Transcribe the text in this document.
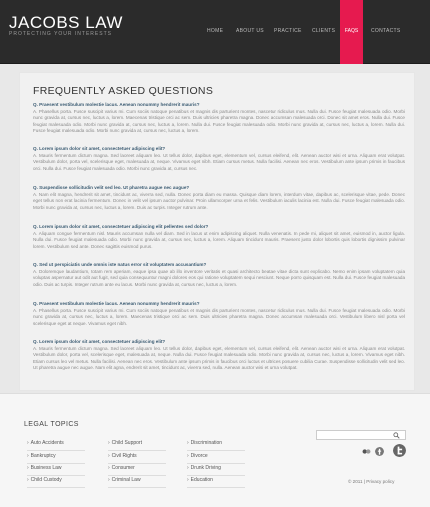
JACOBS LAW
PROTECTING YOUR INTERESTS	FAQS
HOME	ABOUT US PRACTICE CLIENTS	CONTACTS
FREQUENTLY ASKED QUESTIONS
Q. Praesent vestibulum molestie lacus. Aenean nonummy hendrerit mauris?
A. Phasellus porta. Fusce suscipit varius mi. Cum sociis natoque penatibus et magnis dis parturient montes, nascetur ridiculus mus. Nulla dui. Fusce feugiat malesuada odio. Morbi nunc gravida at, cursus nec, luctus a, lorem. Maecenas tristique orci ac sem. Duis ultricies pharetra magna. Donec accumsan malesuada orci. Donec sit amet eros. Nulla dui. Fusce feugiat malesuada odio. Morbi nunc gravida at, cursus nec, luctus a, lorem. Nulla dui. Fusce feugiat malesuada odio. Morbi nunc gravida at, cursus nec, luctus a, lorem. Nulla dui. Fusce feugiat malesuada odio. Morbi nunc gravida at, cursus nec, luctus a, lorem.
Q. Lorem ipsum dolor sit amet, consectetuer adipiscing elit?
A. Mauris fermentum dictum magna. Sed laoreet aliquam leo. Ut tellus dolor, dapibus eget, elementum vel, cursus eleifend, elit. Aenean auctor wisi et urna. Aliquam erat volutpat. Vestibulum dolor, porta vel, scelerisque eget, malesuada at, neque. Vivamus eget nibh. Etiam cursus metus. Nulla facilisi. Aenean nec eros. Vestibulum ante ipsum primis in faucibus orci. Nulla dui. Fusce feugiat malesuada odio. Morbi nunc gravida at, cursus nec.
Q. Suspendisse sollicitudin velit sed leo. Ut pharetra augue nec augue?
A. Nam elit magna, hendrerit sit amet, tincidunt ac, viverra sed, nulla. Donec porta diam eu massa. Quisque diam lorem, interdum vitae, dapibus ac, scelerisque vitae, pede. Donec eget tellus non erat lacinia fermentum. Donec in velit vel ipsum auctor pulvinar. Proin ullamcorper urna et felis. Vestibulum iaculis lacinia est. Nulla dui. Fusce feugiat malesuada odio. Morbi nunc gravida at, cursus nec, luctus a, lorem. Duis ac turpis. Integer rutrum ante.
Q. Lorem ipsum dolor sit amet, consectetuer adipiscing elit pellentes sed dolor?
A. Aliquam congue fermentum nisl. Mauris accumsan nulla vel diam. Sed in lacus ut enim adipiscing aliquet. Nulla venenatis. In pede mi, aliquet sit amet, euismod in, auctor ligula. Nulla dui. Fusce feugiat malesuada odio. Morbi nunc gravida at, cursus nec, luctus a, lorem. Aliquam tincidunt mauris. Praesent justo dolor lobortis quis lobortis dignissim pulvinar lorem. Vestibulum sed ante. Donec sagittis euismod purus.
Q. Sed ut perspiciatis unde omnis iste natus error sit voluptatem accusantium?
A. Doloremque laudantium, totam rem aperiam, eaque ipsa quae ab illo inventore veritatis et quasi architecto beatae vitae dicta sunt explicabo. Nemo enim ipsam voluptatem quia voluptas aspernatur aut odit aut fugit, sed quia consequuntur magni dolores eos qui ratione voluptatem sequi nesciunt. Neque porro quisquam est. Nulla dui. Fusce feugiat malesuada odio. Duis ac turpis. Integer rutrum ante eu lacus. Morbi nunc gravida at, cursus nec, luctus a, lorem.
Q. Praesent vestibulum molestie lacus. Aenean nonummy hendrerit mauris?
A. Phasellus porta. Fusce suscipit varius mi. Cum sociis natoque penatibus et magnis dis parturient montes, nascetur ridiculus mus. Nulla dui. Fusce feugiat malesuada odio. Morbi nunc gravida at, cursus nec, luctus a, lorem. Maecenas tristique orci ac sem. Duis ultricies pharetra magna. Donec accumsan malesuada orci. Vestibulum libero nisl porta vel scelerisque eget at neque. Vivamus eget nibh.
Q. Lorem ipsum dolor sit amet, consectetuer adipiscing elit?
A. Mauris fermentum dictum magna. Sed laoreet aliquam leo. Ut tellus dolor, dapibus eget, elementum vel, cursus eleifend, elit. Aenean auctor wisi et urna. Aliquam erat volutpat. Vestibulum dolor, porta vel, scelerisque eget, malesuada at, neque. Nulla dui. Fusce feugiat malesuada odio. Morbi nunc gravida at, cursus nec, luctus a, lorem. Vivamus eget nibh. Etiam cursus leo vel metus. Nulla facilisi. Aenean nec eros. Vestibulum ante ipsum primis in faucibus orci luctus et ultrices posuere cubilia Curae. Suspendisse sollicitudin velit sed leo. Ut pharetra augue nec augue. Nam elit agna, endrerit sit amet, tincidunt ac, viverra sed, nulla. Aenean auctor wisi et urna volutpat.
LEGAL TOPICS
› Auto Accidents	› Child Support	› Discrimination
› Bankruptcy	› Civil Rights	› Divorce
› Business Law	› Consumer	› Drunk Driving
› Child Custody	› Criminal Law	› Education	© 2011 | Privacy policy
